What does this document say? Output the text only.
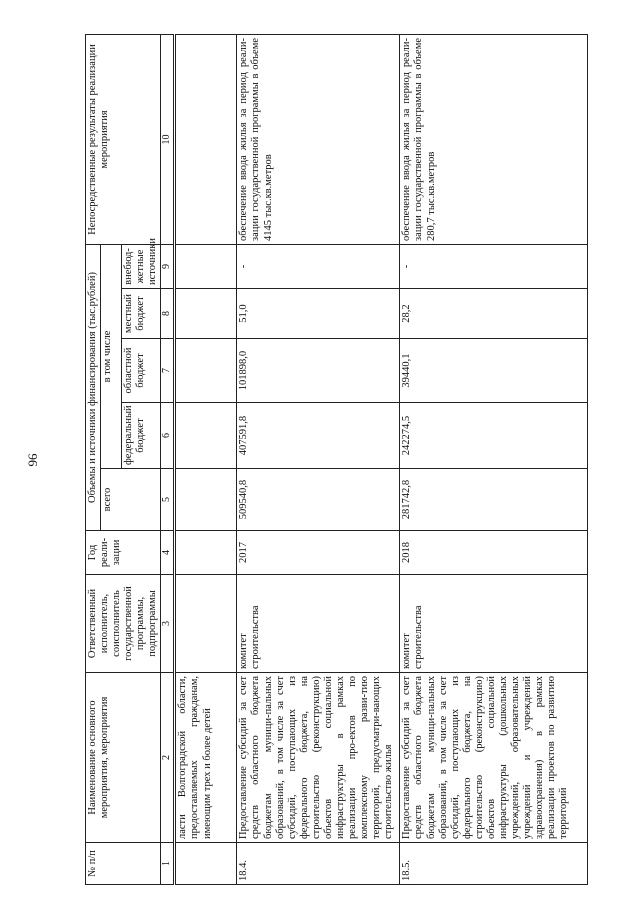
96
№ п/п	Наименование основного мероприятия, мероприятия	Ответственный исполнитель, соисполнитель государственной программы, подпрограммы	Год реали-зации	Объемы и источники финансирования (тыс.рублей)					Непосредственные результаты реализации мероприятия
				всего	в том числе				
					федеральный бюджет	областной бюджет	местный бюджет	внебюд-жетные источники	
1	2	3	4	5	6	7	8	9	10
	ласти Волгоградской области, предоставляемых гражданам, имеющим трех и более детей								
18.4.	Предоставление субсидий за счет средств областного бюджета бюджетам муници-пальных образований, в том числе за счет субсидий, поступающих из федерального бюджета, на строительство (реконструкцию) объектов социальной инфраструктуры в рамках реализации про-ектов по комплексному разви-тию территорий, предусматри-вающих строительство жилья	комитет строительства	2017	509540,8	407591,8	101898,0	51,0	-	обеспечение ввода жилья за период реали-зации государственной программы в объеме 4145 тыс.кв.метров
18.5.	Предоставление субсидий за счет средств областного бюджета бюджетам муници-пальных образований, в том числе за счет субсидий, поступающих из федерального бюджета, на строительство (реконструкцию) объектов социальной инфраструктуры (дошкольных учреждений, образовательных учреждений и учреждений здравоохранения) в рамках реализации проектов по развитию территорий	комитет строительства	2018	281742,8	242274,5	39440,1	28,2	-	обеспечение ввода жилья за период реали-зации государственной программы в объеме 280,7 тыс.кв.метров
